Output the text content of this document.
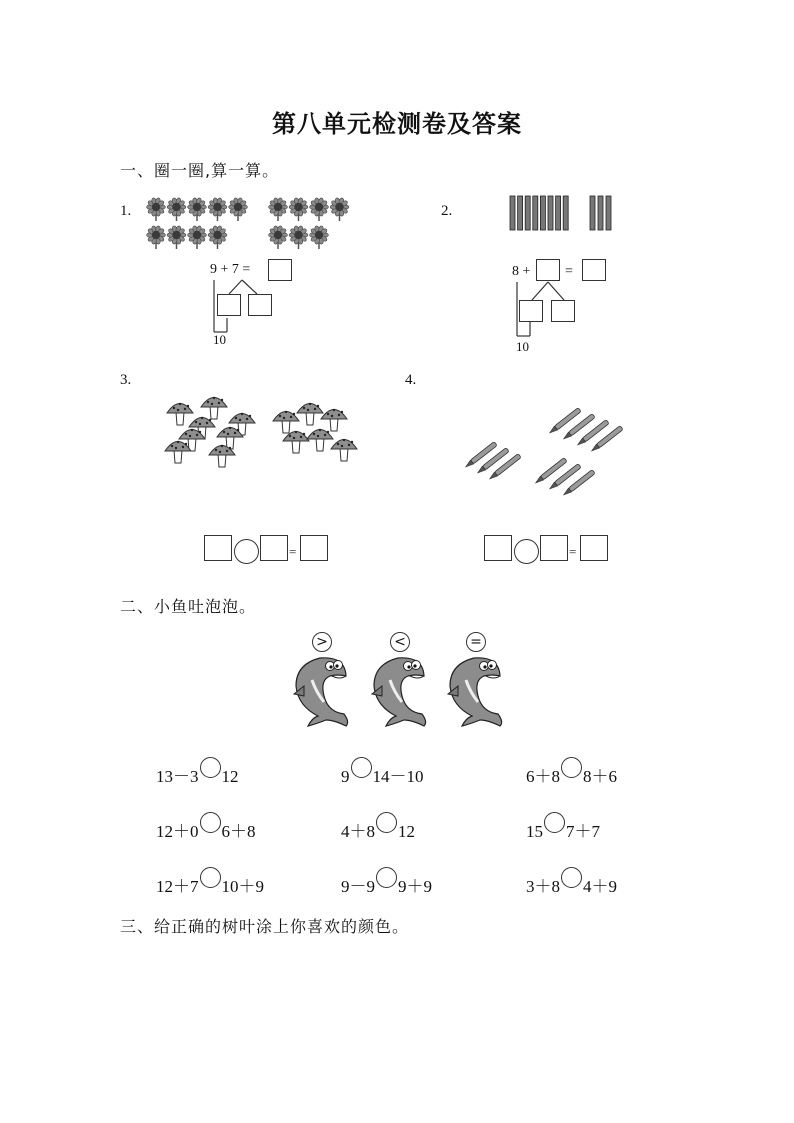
第八单元检测卷及答案
一、圈一圈,算一算。
1.
9 + 7 =
10
2.
8 + =
10
3.
=
4.
=
二、小鱼吐泡泡。
>	<	=
13－3 12	9 14－10	6＋8 8＋6
12＋0 6＋8	4＋8 12	15 7＋7
12＋7 10＋9	9－9 9＋9	3＋8 4＋9
三、给正确的树叶涂上你喜欢的颜色。
